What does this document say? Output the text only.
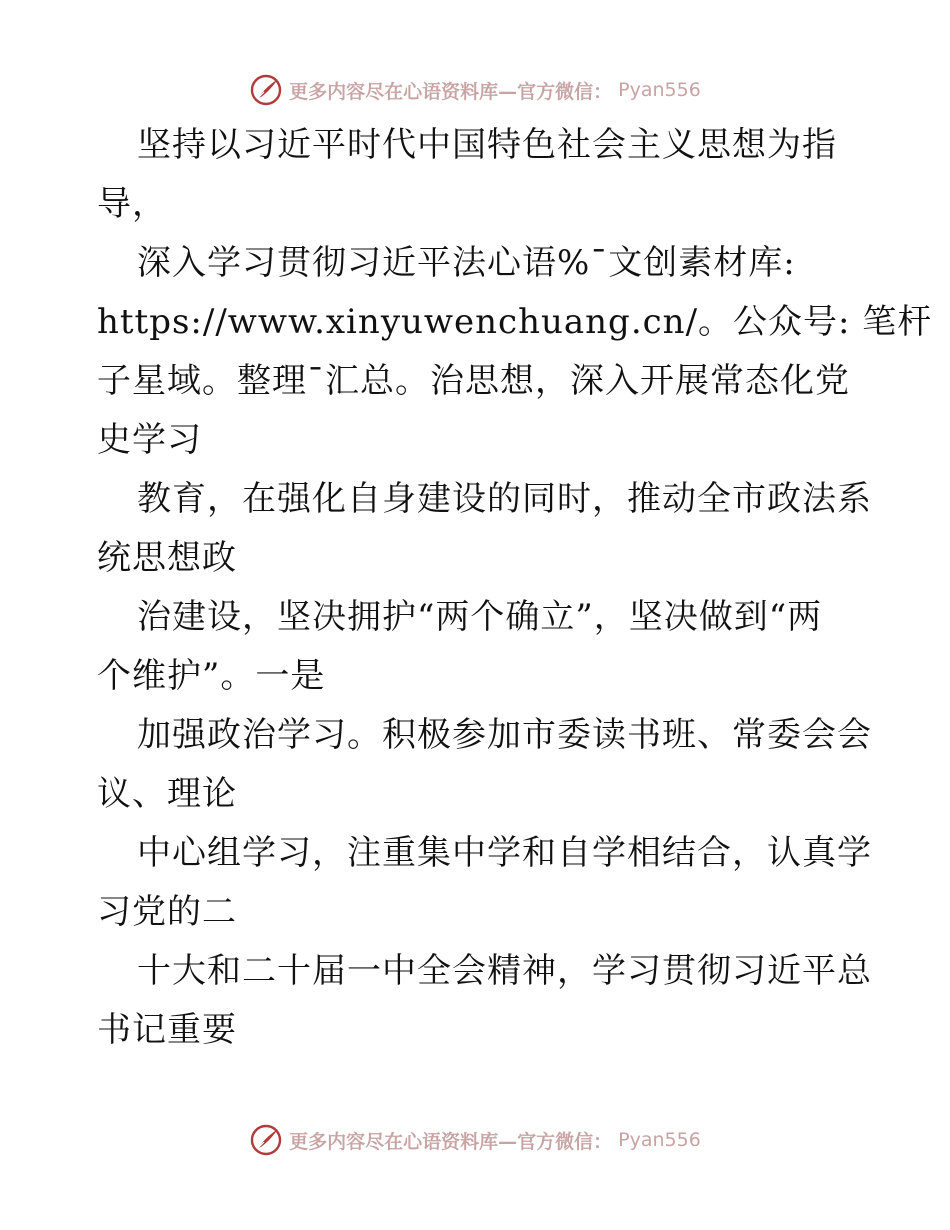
更多内容尽在心语资料库—官方微信： Pyan556
坚持以习近平时代中国特色社会主义思想为指
导，
深入学习贯彻习近平法心语%¯文创素材库:
https://www.xinyuwenchuang.cn/。公众号: 笔杆
子星域。整理¯汇总。治思想，深入开展常态化党
史学习
教育，在强化自身建设的同时，推动全市政法系
统思想政
治建设，坚决拥护“两个确立”，坚决做到“两
个维护”。一是
加强政治学习。积极参加市委读书班、常委会会
议、理论
中心组学习，注重集中学和自学相结合，认真学
习党的二
十大和二十届一中全会精神，学习贯彻习近平总
书记重要
更多内容尽在心语资料库—官方微信： Pyan556
